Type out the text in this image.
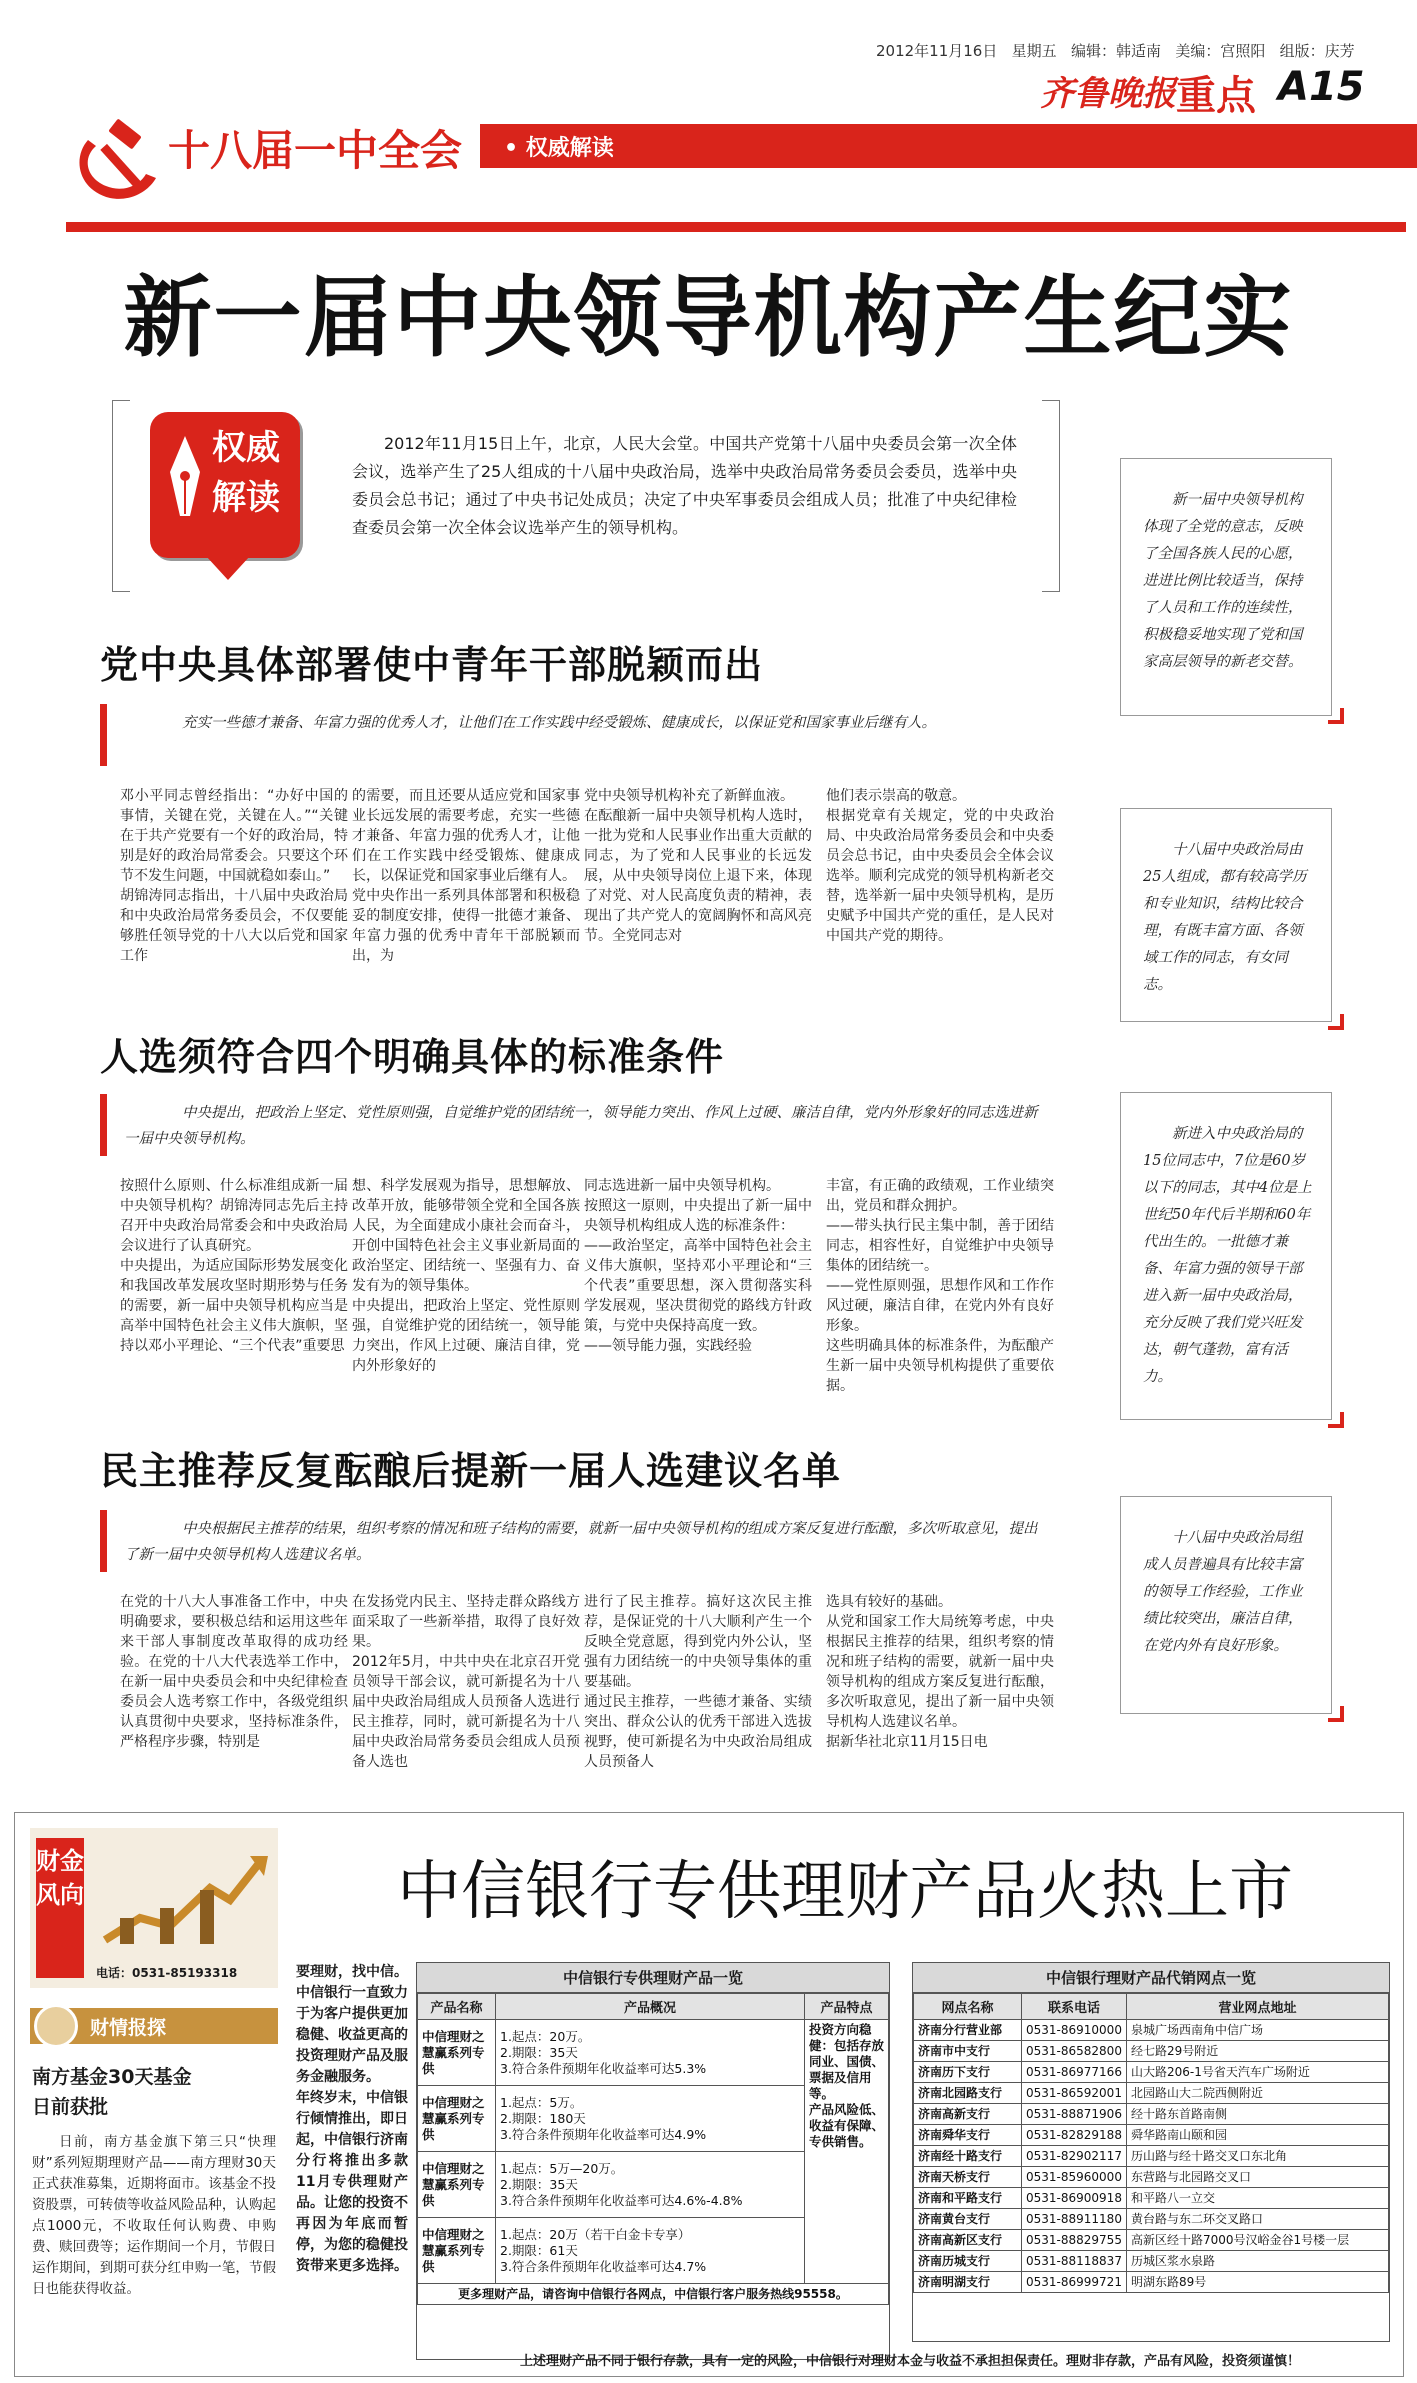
2012年11月16日 星期五 编辑：韩适南 美编：宫照阳 组版：庆芳
齐鲁晚报 重点 A15
十八届一中全会 • 权威解读
新一届中央领导机构产生纪实
权威
解读
2012年11月15日上午，北京，人民大会堂。中国共产党第十八届中央委员会第一次全体会议，选举产生了25人组成的十八届中央政治局，选举中央政治局常务委员会委员，选举中央委员会总书记；通过了中央书记处成员；决定了中央军事委员会组成人员；批准了中央纪律检查委员会第一次全体会议选举产生的领导机构。
新一届中央领导机构体现了全党的意志，反映了全国各族人民的心愿，进进比例比较适当，保持了人员和工作的连续性，积极稳妥地实现了党和国家高层领导的新老交替。
十八届中央政治局由25人组成，都有较高学历和专业知识，结构比较合理，有既丰富方面、各领域工作的同志，有女同志。
新进入中央政治局的15位同志中，7位是60岁以下的同志，其中4位是上世纪50年代后半期和60年代出生的。一批德才兼备、年富力强的领导干部进入新一届中央政治局，充分反映了我们党兴旺发达，朝气蓬勃，富有活力。
十八届中央政治局组成人员普遍具有比较丰富的领导工作经验，工作业绩比较突出，廉洁自律，在党内外有良好形象。
党中央具体部署使中青年干部脱颖而出
充实一些德才兼备、年富力强的优秀人才，让他们在工作实践中经受锻炼、健康成长，以保证党和国家事业后继有人。
邓小平同志曾经指出：“办好中国的事情，关键在党，关键在人。”“关键在于共产党要有一个好的政治局，特别是好的政治局常委会。只要这个环节不发生问题，中国就稳如泰山。”
胡锦涛同志指出，十八届中央政治局和中央政治局常务委员会，不仅要能够胜任领导党的十八大以后党和国家工作
的需要，而且还要从适应党和国家事业长远发展的需要考虑，充实一些德才兼备、年富力强的优秀人才，让他们在工作实践中经受锻炼、健康成长，以保证党和国家事业后继有人。
党中央作出一系列具体部署和积极稳妥的制度安排，使得一批德才兼备、年富力强的优秀中青年干部脱颖而出，为
党中央领导机构补充了新鲜血液。
在酝酿新一届中央领导机构人选时，一批为党和人民事业作出重大贡献的同志，为了党和人民事业的长远发展，从中央领导岗位上退下来，体现了对党、对人民高度负责的精神，表现出了共产党人的宽阔胸怀和高风亮节。全党同志对
他们表示崇高的敬意。
根据党章有关规定，党的中央政治局、中央政治局常务委员会和中央委员会总书记，由中央委员会全体会议选举。顺利完成党的领导机构新老交替，选举新一届中央领导机构，是历史赋予中国共产党的重任，是人民对中国共产党的期待。
人选须符合四个明确具体的标准条件
中央提出，把政治上坚定、党性原则强，自觉维护党的团结统一，领导能力突出、作风上过硬、廉洁自律，党内外形象好的同志选进新一届中央领导机构。
按照什么原则、什么标准组成新一届中央领导机构？胡锦涛同志先后主持召开中央政治局常委会和中央政治局会议进行了认真研究。
中央提出，为适应国际形势发展变化和我国改革发展攻坚时期形势与任务的需要，新一届中央领导机构应当是高举中国特色社会主义伟大旗帜，坚持以邓小平理论、“三个代表”重要思
想、科学发展观为指导，思想解放、改革开放，能够带领全党和全国各族人民，为全面建成小康社会而奋斗，开创中国特色社会主义事业新局面的政治坚定、团结统一、坚强有力、奋发有为的领导集体。
中央提出，把政治上坚定、党性原则强，自觉维护党的团结统一，领导能力突出，作风上过硬、廉洁自律，党内外形象好的
同志选进新一届中央领导机构。
按照这一原则，中央提出了新一届中央领导机构组成人选的标准条件：
——政治坚定，高举中国特色社会主义伟大旗帜，坚持邓小平理论和“三个代表”重要思想，深入贯彻落实科学发展观，坚决贯彻党的路线方针政策，与党中央保持高度一致。
——领导能力强，实践经验
丰富，有正确的政绩观，工作业绩突出，党员和群众拥护。
——带头执行民主集中制，善于团结同志，相容性好，自觉维护中央领导集体的团结统一。
——党性原则强，思想作风和工作作风过硬，廉洁自律，在党内外有良好形象。
这些明确具体的标准条件，为酝酿产生新一届中央领导机构提供了重要依据。
民主推荐反复酝酿后提新一届人选建议名单
中央根据民主推荐的结果，组织考察的情况和班子结构的需要，就新一届中央领导机构的组成方案反复进行酝酿，多次听取意见，提出了新一届中央领导机构人选建议名单。
在党的十八大人事准备工作中，中央明确要求，要积极总结和运用这些年来干部人事制度改革取得的成功经验。在党的十八大代表选举工作中，在新一届中央委员会和中央纪律检查委员会人选考察工作中，各级党组织认真贯彻中央要求，坚持标准条件，严格程序步骤，特别是
在发扬党内民主、坚持走群众路线方面采取了一些新举措，取得了良好效果。
2012年5月，中共中央在北京召开党员领导干部会议，就可新提名为十八届中央政治局组成人员预备人选进行民主推荐，同时，就可新提名为十八届中央政治局常务委员会组成人员预备人选也
进行了民主推荐。搞好这次民主推荐，是保证党的十八大顺利产生一个反映全党意愿，得到党内外公认，坚强有力团结统一的中央领导集体的重要基础。
通过民主推荐，一些德才兼备、实绩突出、群众公认的优秀干部进入选拔视野，使可新提名为中央政治局组成人员预备人
选具有较好的基础。
从党和国家工作大局统筹考虑，中央根据民主推荐的结果，组织考察的情况和班子结构的需要，就新一届中央领导机构的组成方案反复进行酝酿，多次听取意见，提出了新一届中央领导机构人选建议名单。
据新华社北京11月15日电
财金风向
电话：0531-85193318
财情报探
南方基金30天基金
日前获批
日前，南方基金旗下第三只“快理财”系列短期理财产品——南方理财30天正式获准募集，近期将面市。该基金不投资股票，可转债等收益风险品种，认购起点1000元，不收取任何认购费、申购费、赎回费等；运作期间一个月，节假日运作期间，到期可获分红申购一笔，节假日也能获得收益。
中信银行专供理财产品火热上市
要理财，找中信。中信银行一直致力于为客户提供更加稳健、收益更高的投资理财产品及服务金融服务。
年终岁末，中信银行倾情推出，即日起，中信银行济南分行将推出多款11月专供理财产品。让您的投资不再因为年底而暂停，为您的稳健投资带来更多选择。
中信银行专供理财产品一览
产品名称	产品概况	产品特点
中信理财之慧赢系列专供	1.起点：20万。
2.期限：35天
3.符合条件预期年化收益率可达5.3%	投资方向稳健：包括存放同业、国债、票据及信用等。
产品风险低、收益有保障、专供销售。
中信理财之慧赢系列专供	1.起点：5万。
2.期限：180天
3.符合条件预期年化收益率可达4.9%	
中信理财之慧赢系列专供	1.起点：5万—20万。
2.期限：35天
3.符合条件预期年化收益率可达4.6%-4.8%	
中信理财之慧赢系列专供	1.起点：20万（若干白金卡专享）
2.期限：61天
3.符合条件预期年化收益率可达4.7%	
更多理财产品，请咨询中信银行各网点，中信银行客户服务热线95558。		
中信银行理财产品代销网点一览
网点名称	联系电话	营业网点地址
济南分行营业部	0531-86910000	泉城广场西南角中信广场
济南市中支行	0531-86582800	经七路29号附近
济南历下支行	0531-86977166	山大路206-1号省天汽车广场附近
济南北园路支行	0531-86592001	北园路山大二院西侧附近
济南高新支行	0531-88871906	经十路东首路南侧
济南舜华支行	0531-82829188	舜华路南山颐和园
济南经十路支行	0531-82902117	历山路与经十路交叉口东北角
济南天桥支行	0531-85960000	东营路与北园路交叉口
济南和平路支行	0531-86900918	和平路八一立交
济南黄台支行	0531-88911180	黄台路与东二环交叉路口
济南高新区支行	0531-88829755	高新区经十路7000号汉峪金谷1号楼一层
济南历城支行	0531-88118837	历城区浆水泉路
济南明湖支行	0531-86999721	明湖东路89号
上述理财产品不同于银行存款，具有一定的风险，中信银行对理财本金与收益不承担担保责任。理财非存款，产品有风险，投资须谨慎！
